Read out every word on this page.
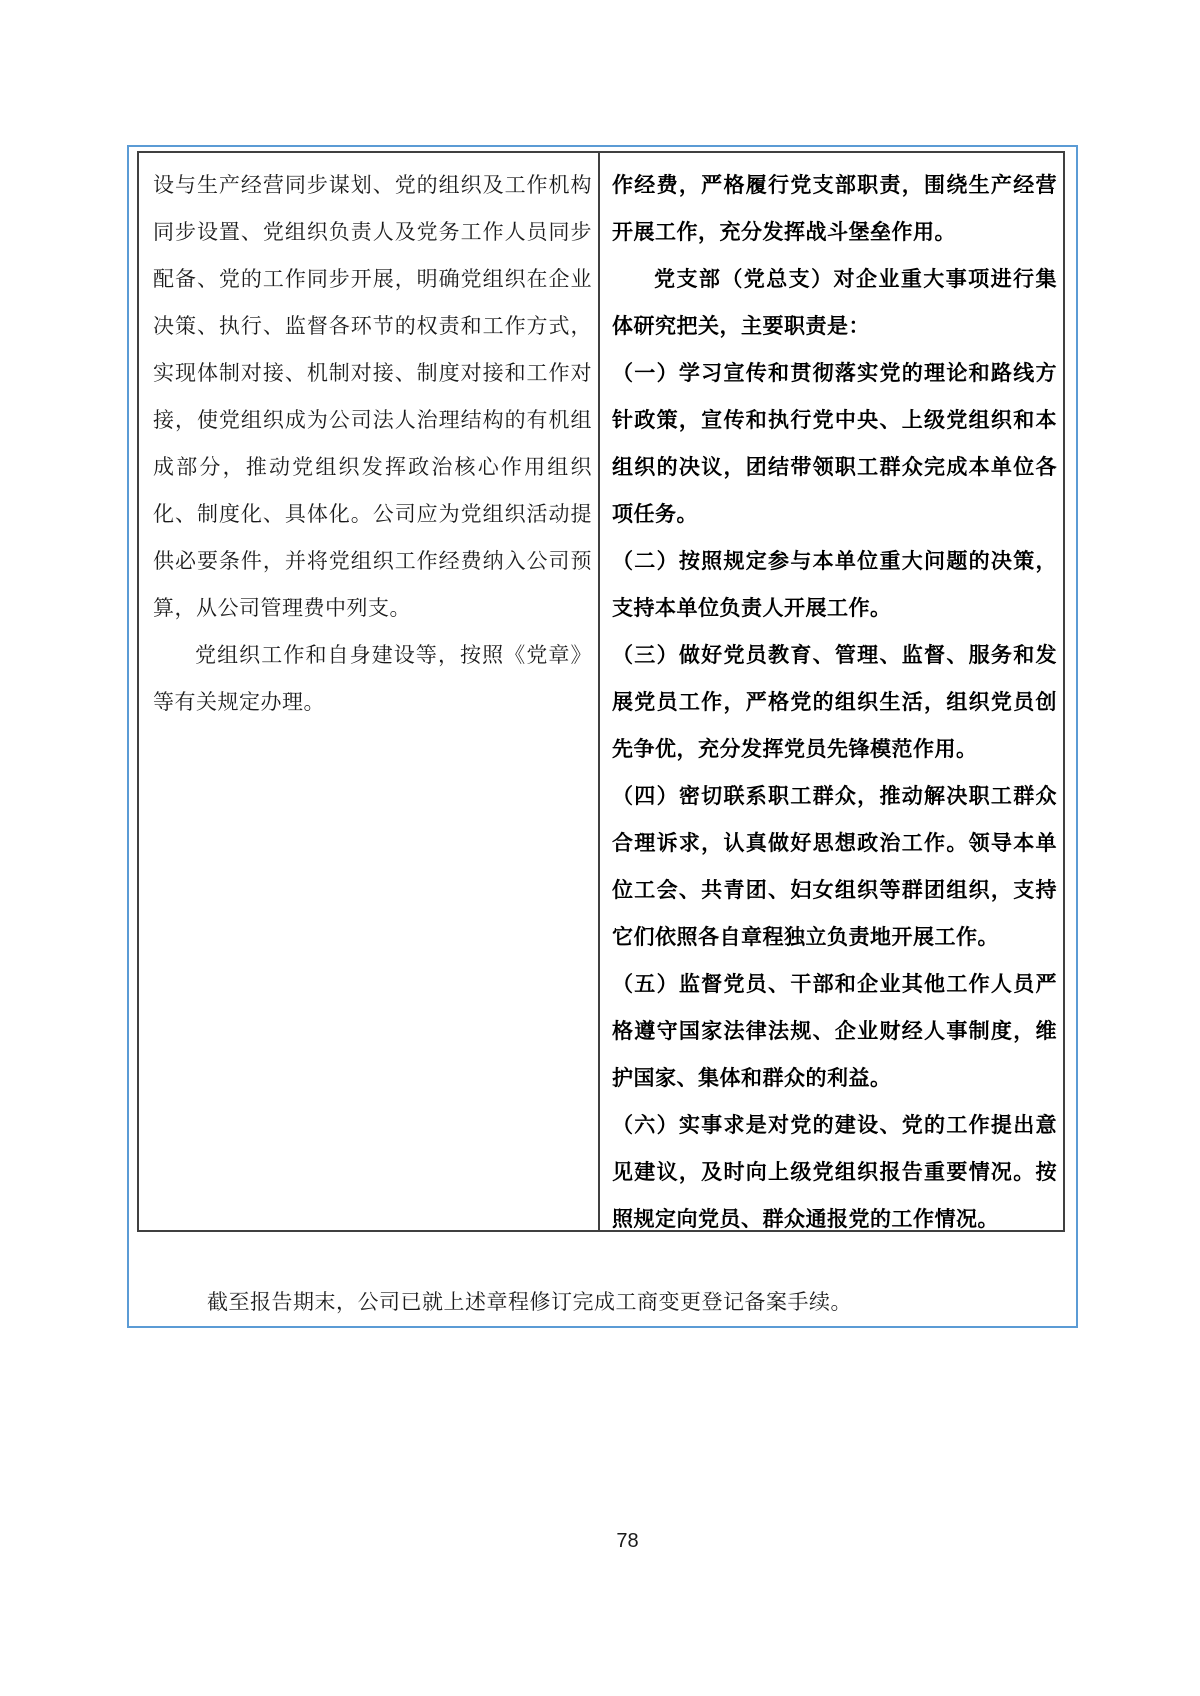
设与生产经营同步谋划、党的组织及工作机构同步设置、党组织负责人及党务工作人员同步配备、党的工作同步开展，明确党组织在企业决策、执行、监督各环节的权责和工作方式，实现体制对接、机制对接、制度对接和工作对接，使党组织成为公司法人治理结构的有机组成部分，推动党组织发挥政治核心作用组织化、制度化、具体化。公司应为党组织活动提供必要条件，并将党组织工作经费纳入公司预算，从公司管理费中列支。

党组织工作和自身建设等，按照《党章》等有关规定办理。

作经费，严格履行党支部职责，围绕生产经营开展工作，充分发挥战斗堡垒作用。

党支部（党总支）对企业重大事项进行集体研究把关，主要职责是：

（一）学习宣传和贯彻落实党的理论和路线方针政策，宣传和执行党中央、上级党组织和本组织的决议，团结带领职工群众完成本单位各项任务。

（二）按照规定参与本单位重大问题的决策，支持本单位负责人开展工作。

（三）做好党员教育、管理、监督、服务和发展党员工作，严格党的组织生活，组织党员创先争优，充分发挥党员先锋模范作用。

（四）密切联系职工群众，推动解决职工群众合理诉求，认真做好思想政治工作。领导本单位工会、共青团、妇女组织等群团组织，支持它们依照各自章程独立负责地开展工作。

（五）监督党员、干部和企业其他工作人员严格遵守国家法律法规、企业财经人事制度，维护国家、集体和群众的利益。

（六）实事求是对党的建设、党的工作提出意见建议，及时向上级党组织报告重要情况。按照规定向党员、群众通报党的工作情况。

截至报告期末，公司已就上述章程修订完成工商变更登记备案手续。

78
